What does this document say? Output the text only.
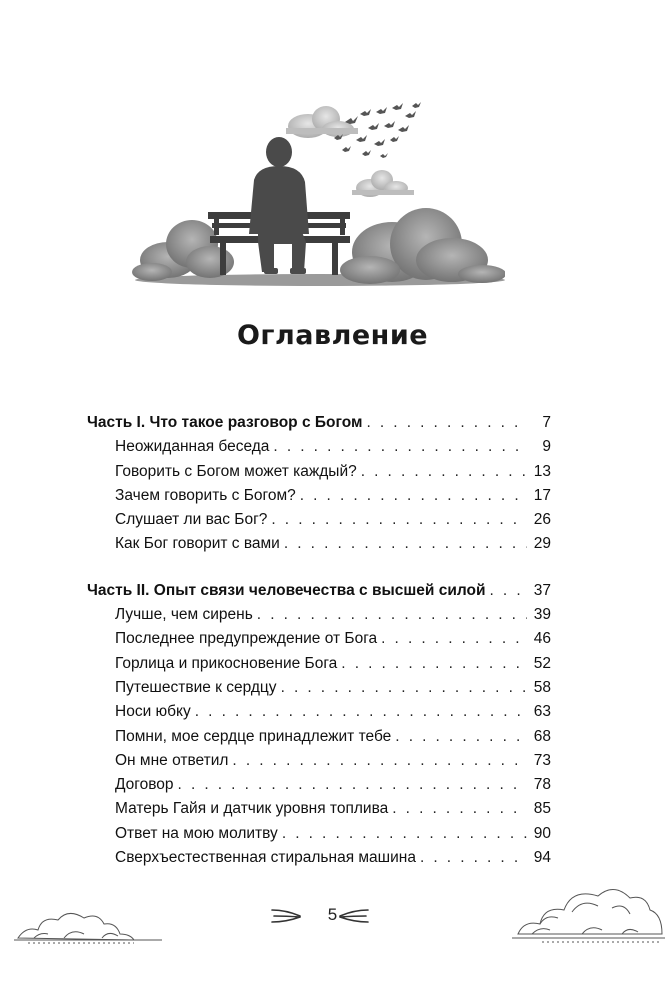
Оглавление
Часть I. Что такое разговор с Богом . . .	7
Неожиданная беседа . . .	9
Говорить с Богом может каждый? . . .	13
Зачем говорить с Богом? . . .	17
Слушает ли вас Бог? . . .	26
Как Бог говорит с вами . . .	29
Часть II. Опыт связи человечества с высшей силой . . .	37
Лучше, чем сирень . . .	39
Последнее предупреждение от Бога . . .	46
Горлица и прикосновение Бога . . .	52
Путешествие к сердцу . . .	58
Носи юбку . . .	63
Помни, мое сердце принадлежит тебе . . .	68
Он мне ответил . . .	73
Договор . . .	78
Матерь Гайя и датчик уровня топлива . . .	85
Ответ на мою молитву . . .	90
Сверхъестественная стиральная машина . . .	94
5
